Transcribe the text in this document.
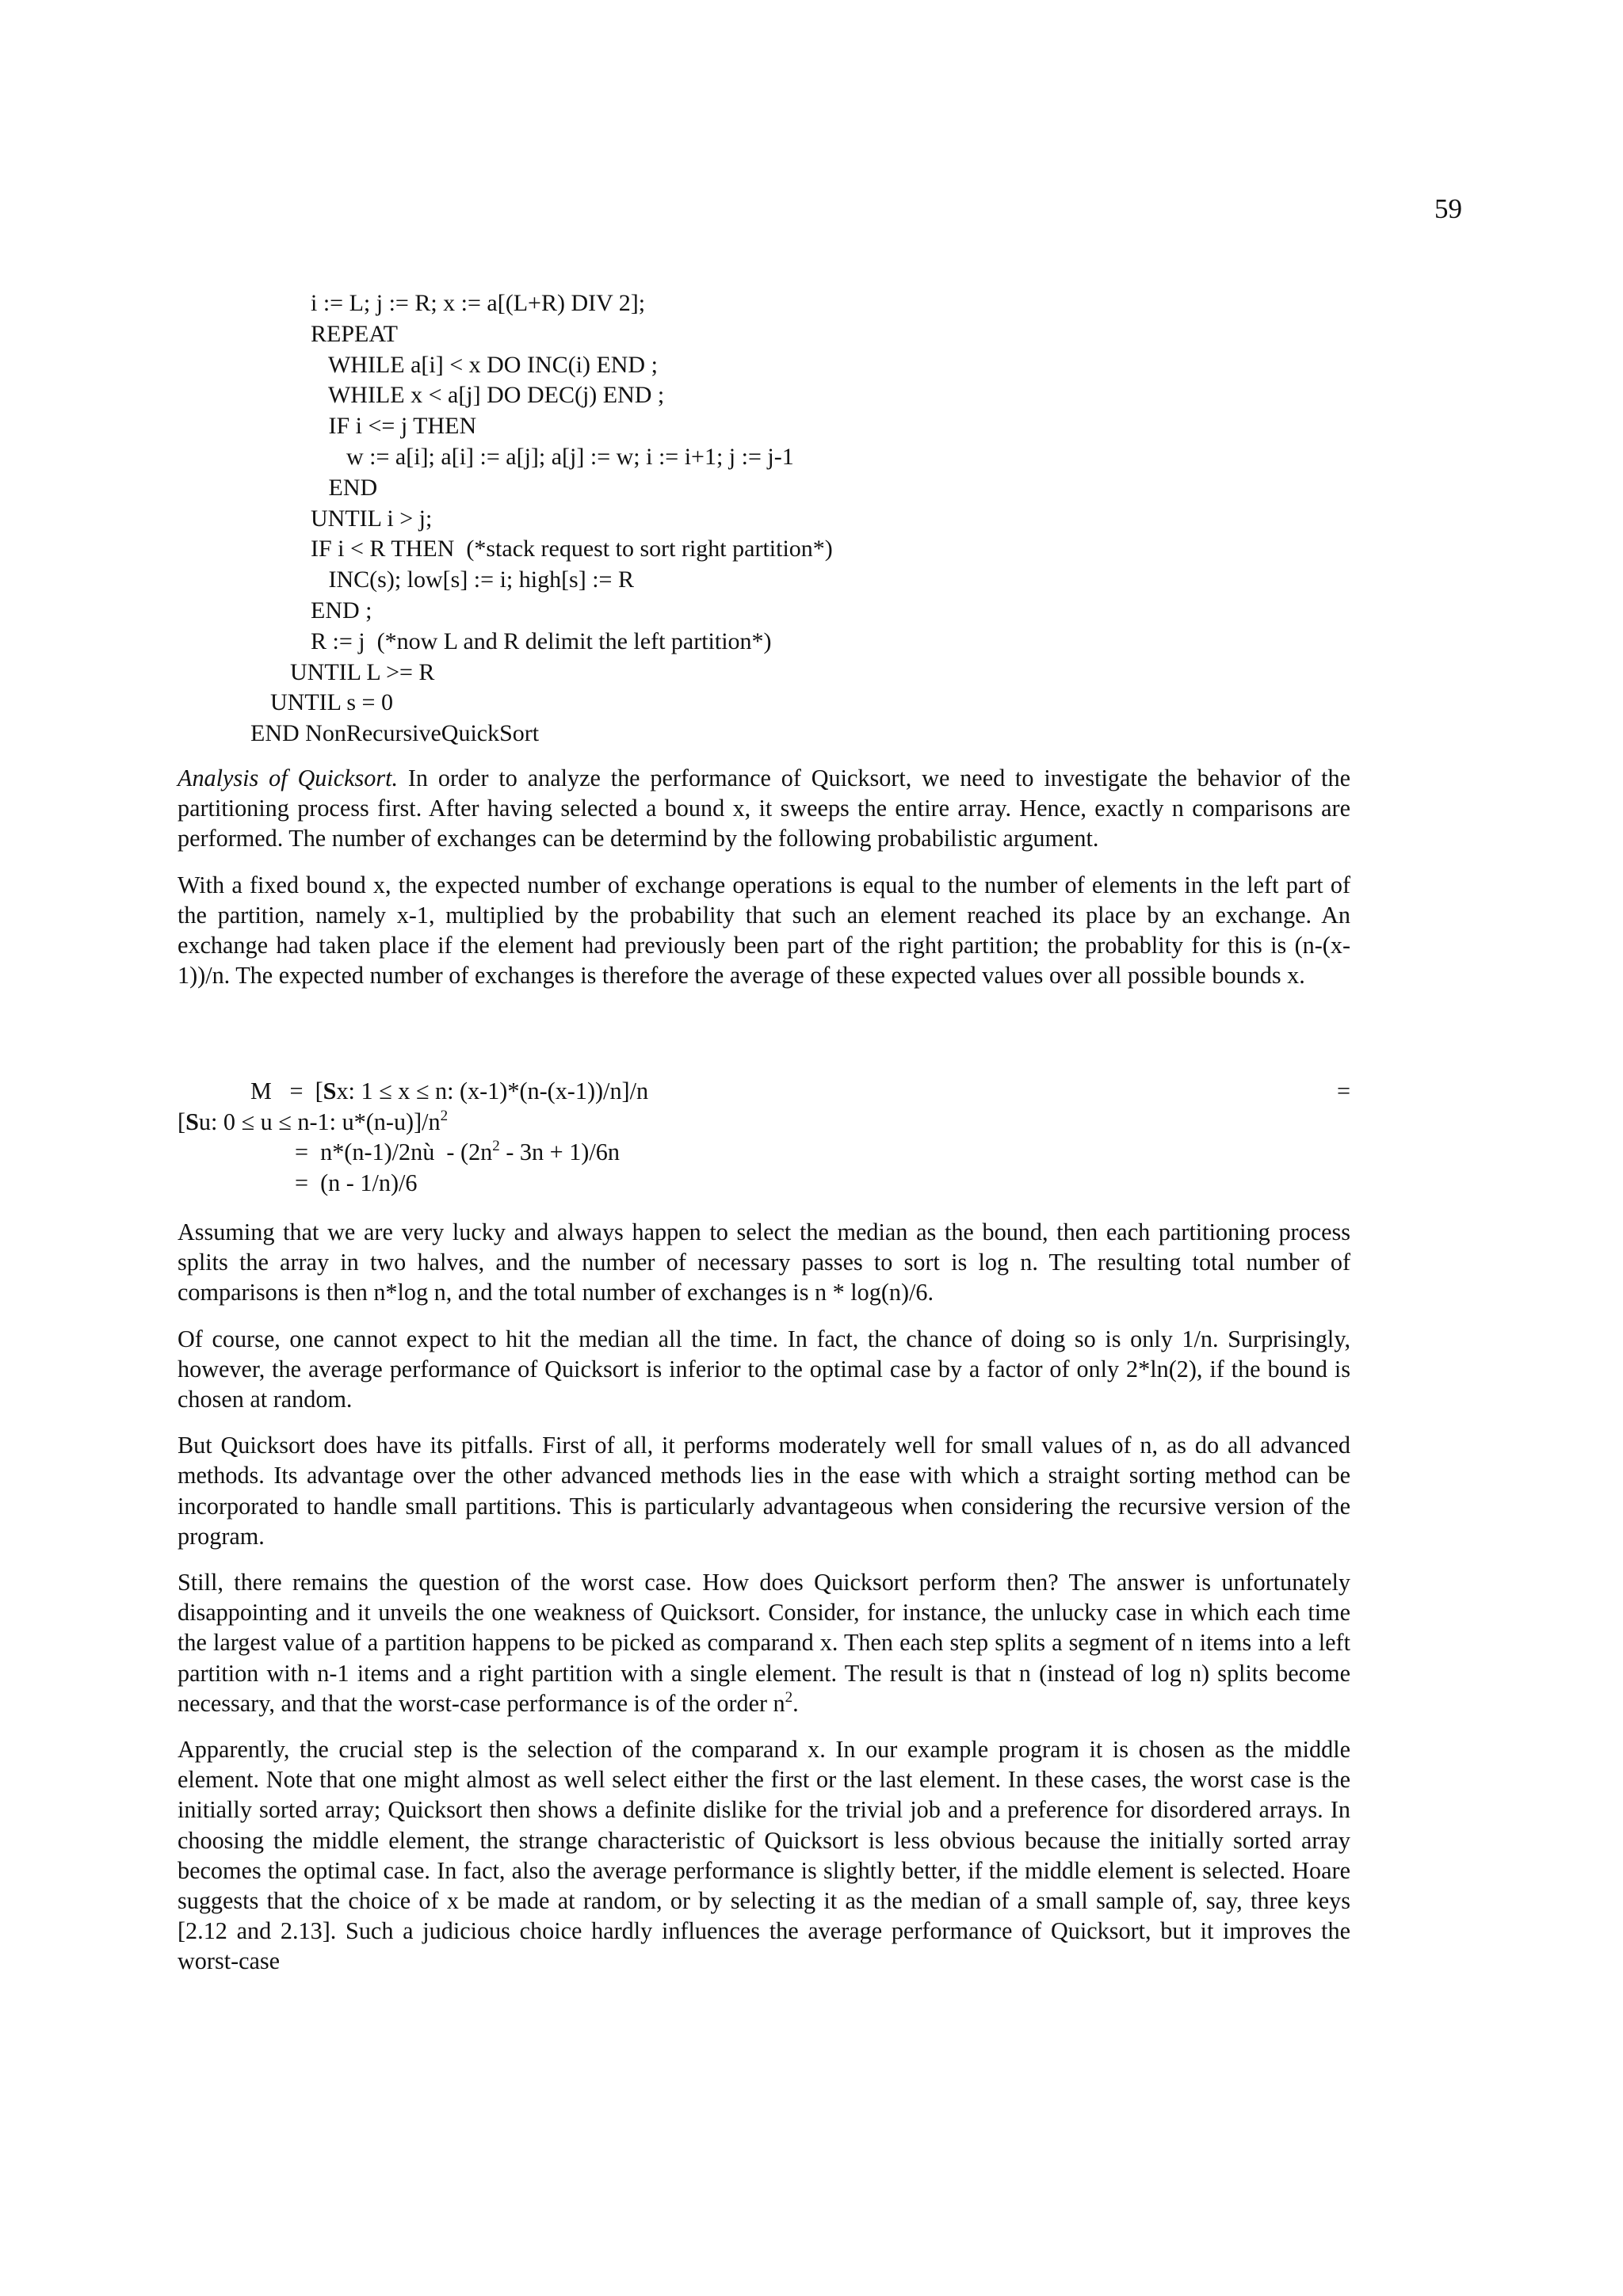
59
i := L; j := R; x := a[(L+R) DIV 2];
REPEAT
WHILE a[i] < x DO INC(i) END ;
WHILE x < a[j] DO DEC(j) END ;
IF i <= j THEN
w := a[i]; a[i] := a[j]; a[j] := w; i := i+1; j := j-1
END
UNTIL i > j;
IF i < R THEN  (*stack request to sort right partition*)
INC(s); low[s] := i; high[s] := R
END ;
R := j  (*now L and R delimit the left partition*)
UNTIL L >= R
UNTIL s = 0
END NonRecursiveQuickSort

Analysis of Quicksort. In order to analyze the performance of Quicksort, we need to investigate the behavior of the partitioning process first. After having selected a bound x, it sweeps the entire array. Hence, exactly n comparisons are performed. The number of exchanges can be determind by the following probabilistic argument.

With a fixed bound x, the expected number of exchange operations is equal to the number of elements in the left part of the partition, namely x-1, multiplied by the probability that such an element reached its place by an exchange. An exchange had taken place if the element had previously been part of the right partition; the probablity for this is (n-(x-1))/n. The expected number of exchanges is therefore the average of these expected values over all possible bounds x.

M   =  [Sx: 1 ≤ x ≤ n: (x-1)*(n-(x-1))/n]/n	=
[Su: 0 ≤ u ≤ n-1: $u*(n-u)]/n^2$
=  n*(n-1)/2nù  - $(2n^2 - 3n + 1)/6n$
=  (n - 1/n)/6

Assuming that we are very lucky and always happen to select the median as the bound, then each partitioning process splits the array in two halves, and the number of necessary passes to sort is log n. The resulting total number of comparisons is then n*log n, and the total number of exchanges is n * log(n)/6.

Of course, one cannot expect to hit the median all the time. In fact, the chance of doing so is only 1/n. Surprisingly, however, the average performance of Quicksort is inferior to the optimal case by a factor of only 2*ln(2), if the bound is chosen at random.

But Quicksort does have its pitfalls. First of all, it performs moderately well for small values of n, as do all advanced methods. Its advantage over the other advanced methods lies in the ease with which a straight sorting method can be incorporated to handle small partitions. This is particularly advantageous when considering the recursive version of the program.

Still, there remains the question of the worst case. How does Quicksort perform then? The answer is unfortunately disappointing and it unveils the one weakness of Quicksort. Consider, for instance, the unlucky case in which each time the largest value of a partition happens to be picked as comparand x. Then each step splits a segment of n items into a left partition with n-1 items and a right partition with a single element. The result is that n (instead of log n) splits become necessary, and that the worst-case performance is of the order $n^2$.

Apparently, the crucial step is the selection of the comparand x. In our example program it is chosen as the middle element. Note that one might almost as well select either the first or the last element. In these cases, the worst case is the initially sorted array; Quicksort then shows a definite dislike for the trivial job and a preference for disordered arrays. In choosing the middle element, the strange characteristic of Quicksort is less obvious because the initially sorted array becomes the optimal case. In fact, also the average performance is slightly better, if the middle element is selected. Hoare suggests that the choice of x be made at random, or by selecting it as the median of a small sample of, say, three keys [2.12 and 2.13]. Such a judicious choice hardly influences the average performance of Quicksort, but it improves the worst-case
